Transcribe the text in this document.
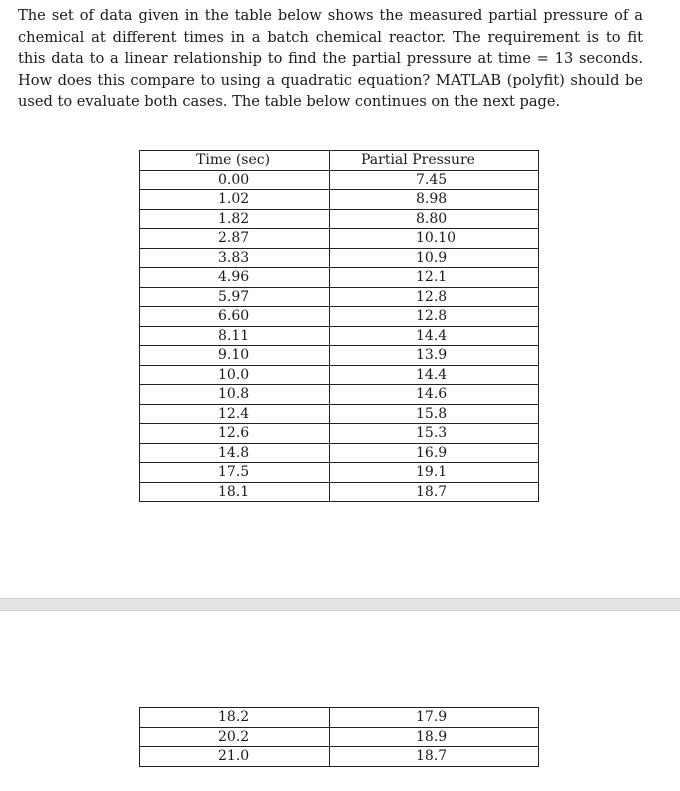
The set of data given in the table below shows the measured partial pressure of a chemical at different times in a batch chemical reactor. The requirement is to fit this data to a linear relationship to find the partial pressure at time = 13 seconds. How does this compare to using a quadratic equation? MATLAB (polyfit) should be used to evaluate both cases. The table below continues on the next page.

Time (sec)	Partial Pressure
0.00	7.45
1.02	8.98
1.82	8.80
2.87	10.10
3.83	10.9
4.96	12.1
5.97	12.8
6.60	12.8
8.11	14.4
9.10	13.9
10.0	14.4
10.8	14.6
12.4	15.8
12.6	15.3
14.8	16.9
17.5	19.1
18.1	18.7
18.2	17.9
20.2	18.9
21.0	18.7
